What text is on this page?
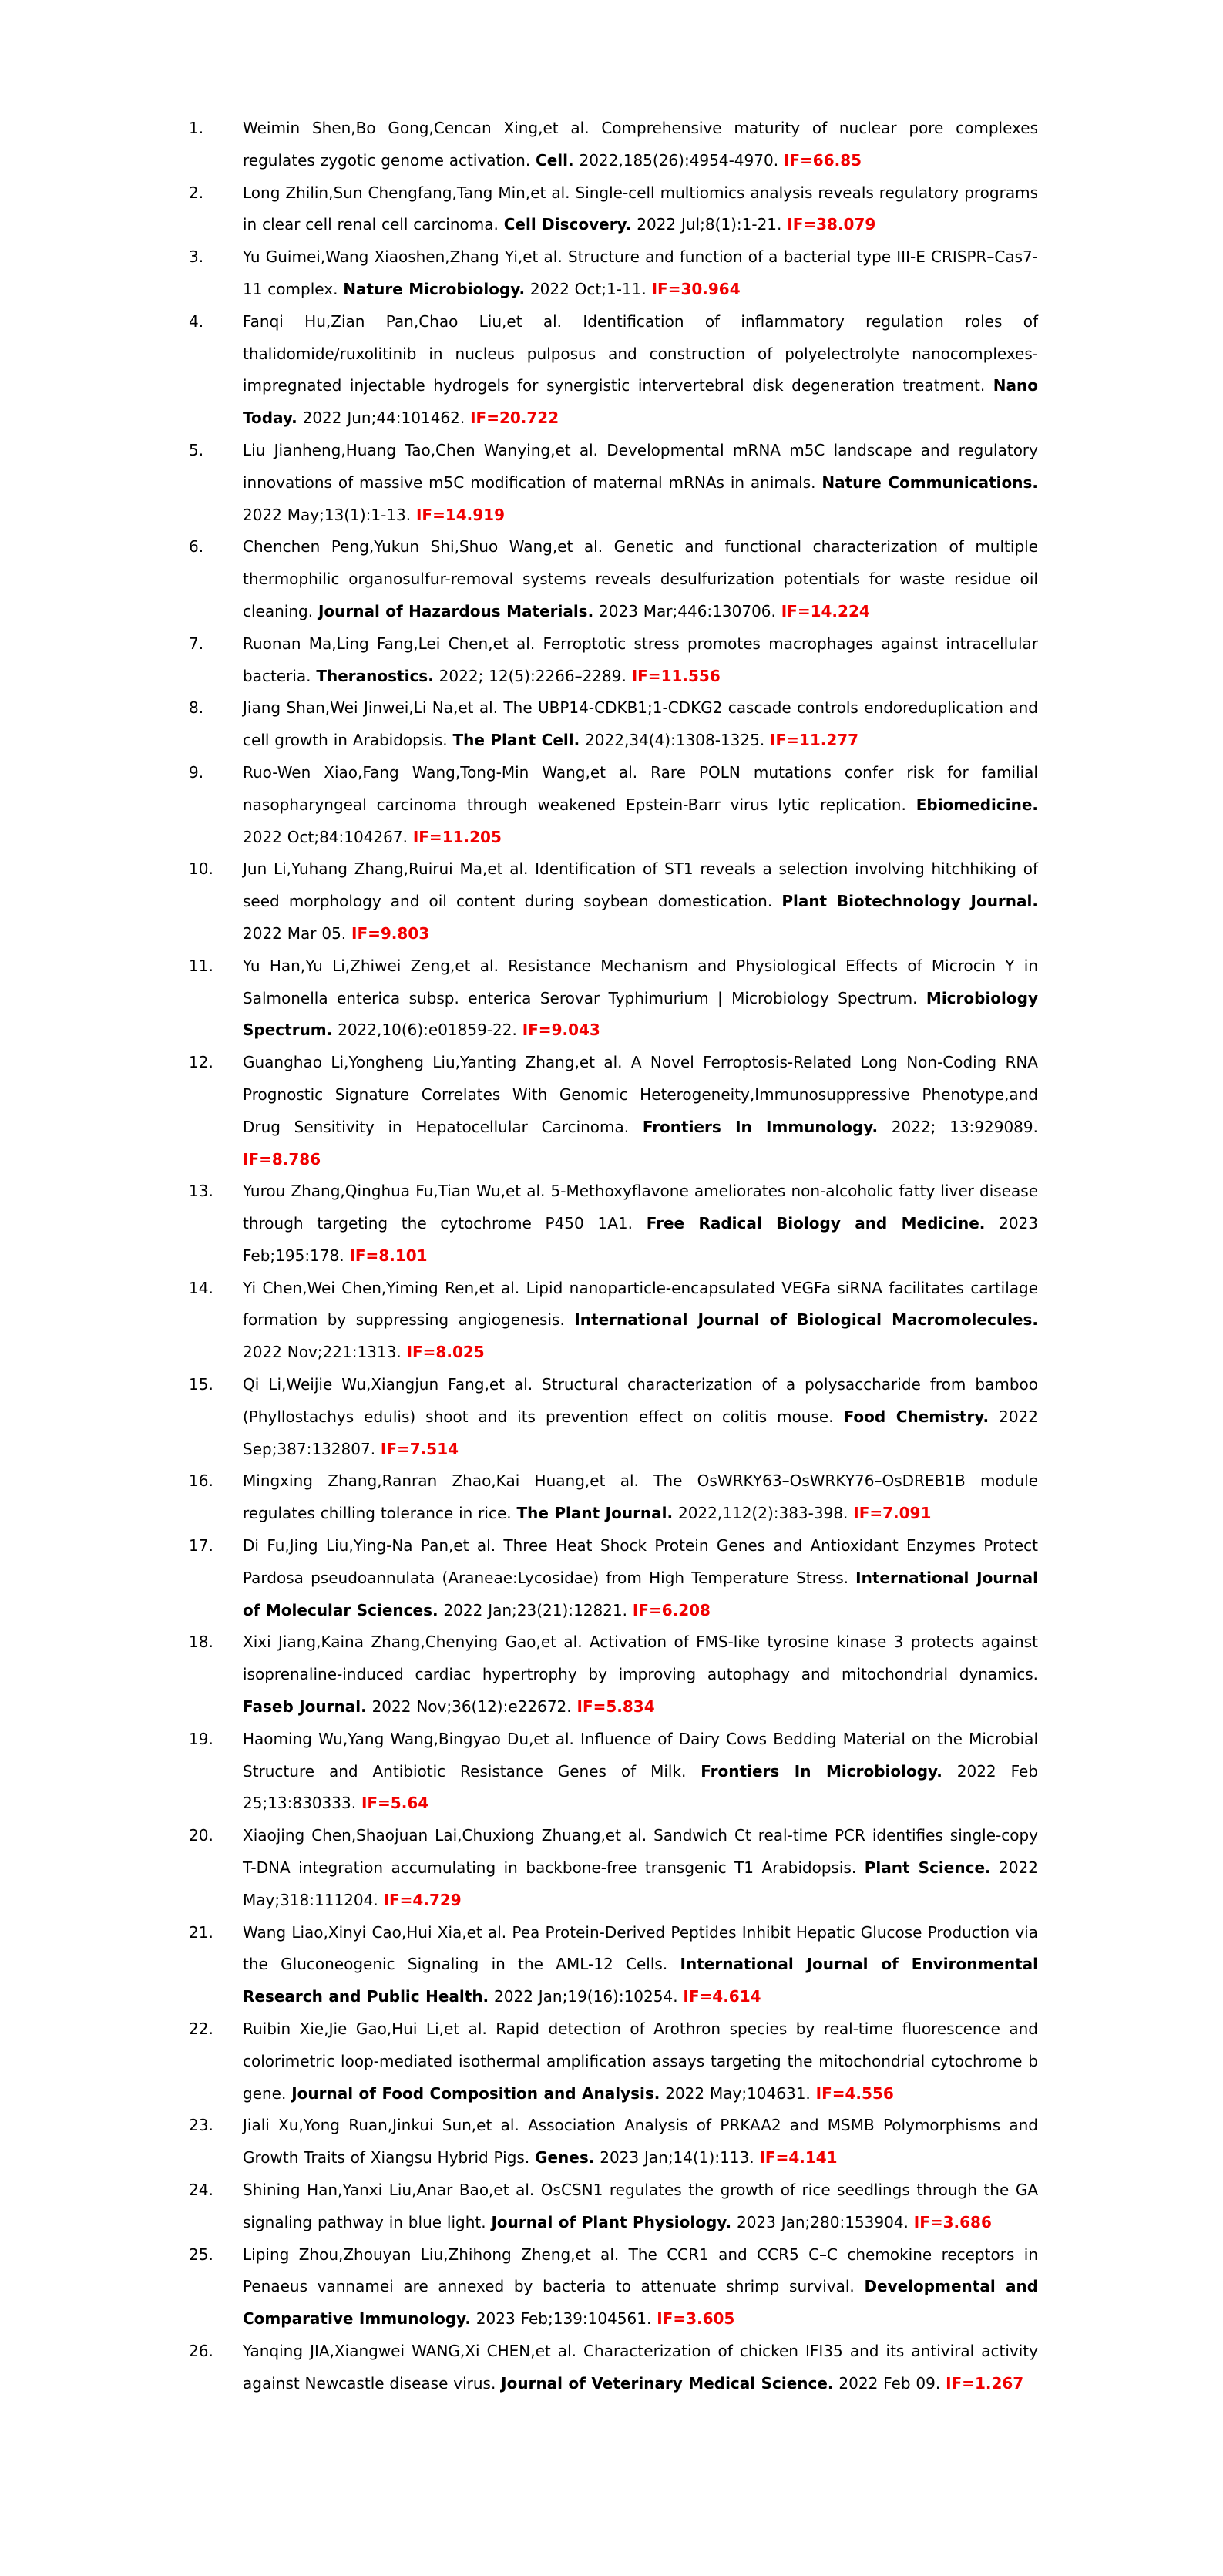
1.	Weimin Shen,Bo Gong,Cencan Xing,et al. Comprehensive maturity of nuclear pore complexes regulates zygotic genome activation. Cell. 2022,185(26):4954-4970. IF=66.85
2.	Long Zhilin,Sun Chengfang,Tang Min,et al. Single-cell multiomics analysis reveals regulatory programs in clear cell renal cell carcinoma. Cell Discovery. 2022 Jul;8(1):1-21. IF=38.079
3.	Yu Guimei,Wang Xiaoshen,Zhang Yi,et al. Structure and function of a bacterial type III-E CRISPR–Cas7-11 complex. Nature Microbiology. 2022 Oct;1-11. IF=30.964
4.	Fanqi Hu,Zian Pan,Chao Liu,et al. Identification of inflammatory regulation roles of thalidomide/ruxolitinib in nucleus pulposus and construction of polyelectrolyte nanocomplexes-impregnated injectable hydrogels for synergistic intervertebral disk degeneration treatment. Nano Today. 2022 Jun;44:101462. IF=20.722
5.	Liu Jianheng,Huang Tao,Chen Wanying,et al. Developmental mRNA m5C landscape and regulatory innovations of massive m5C modification of maternal mRNAs in animals. Nature Communications. 2022 May;13(1):1-13. IF=14.919
6.	Chenchen Peng,Yukun Shi,Shuo Wang,et al. Genetic and functional characterization of multiple thermophilic organosulfur-removal systems reveals desulfurization potentials for waste residue oil cleaning. Journal of Hazardous Materials. 2023 Mar;446:130706. IF=14.224
7.	Ruonan Ma,Ling Fang,Lei Chen,et al. Ferroptotic stress promotes macrophages against intracellular bacteria. Theranostics. 2022; 12(5):2266–2289. IF=11.556
8.	Jiang Shan,Wei Jinwei,Li Na,et al. The UBP14-CDKB1;1-CDKG2 cascade controls endoreduplication and cell growth in Arabidopsis. The Plant Cell. 2022,34(4):1308-1325. IF=11.277
9.	Ruo-Wen Xiao,Fang Wang,Tong-Min Wang,et al. Rare POLN mutations confer risk for familial nasopharyngeal carcinoma through weakened Epstein-Barr virus lytic replication. Ebiomedicine. 2022 Oct;84:104267. IF=11.205
10. Jun Li,Yuhang Zhang,Ruirui Ma,et al. Identification of ST1 reveals a selection involving hitchhiking of seed morphology and oil content during soybean domestication. Plant Biotechnology Journal. 2022 Mar 05. IF=9.803
11. Yu Han,Yu Li,Zhiwei Zeng,et al. Resistance Mechanism and Physiological Effects of Microcin Y in Salmonella enterica subsp. enterica Serovar Typhimurium | Microbiology Spectrum. Microbiology Spectrum. 2022,10(6):e01859-22. IF=9.043
12. Guanghao Li,Yongheng Liu,Yanting Zhang,et al. A Novel Ferroptosis-Related Long Non-Coding RNA Prognostic Signature Correlates With Genomic Heterogeneity,Immunosuppressive Phenotype,and Drug Sensitivity in Hepatocellular Carcinoma. Frontiers In Immunology. 2022; 13:929089. IF=8.786
13. Yurou Zhang,Qinghua Fu,Tian Wu,et al. 5-Methoxyflavone ameliorates non-alcoholic fatty liver disease through targeting the cytochrome P450 1A1. Free Radical Biology and Medicine. 2023 Feb;195:178. IF=8.101
14. Yi Chen,Wei Chen,Yiming Ren,et al. Lipid nanoparticle-encapsulated VEGFa siRNA facilitates cartilage formation by suppressing angiogenesis. International Journal of Biological Macromolecules. 2022 Nov;221:1313. IF=8.025
15. Qi Li,Weijie Wu,Xiangjun Fang,et al. Structural characterization of a polysaccharide from bamboo (Phyllostachys edulis) shoot and its prevention effect on colitis mouse. Food Chemistry. 2022 Sep;387:132807. IF=7.514
16. Mingxing Zhang,Ranran Zhao,Kai Huang,et al. The OsWRKY63–OsWRKY76–OsDREB1B module regulates chilling tolerance in rice. The Plant Journal. 2022,112(2):383-398. IF=7.091
17. Di Fu,Jing Liu,Ying-Na Pan,et al. Three Heat Shock Protein Genes and Antioxidant Enzymes Protect Pardosa pseudoannulata (Araneae:Lycosidae) from High Temperature Stress. International Journal of Molecular Sciences. 2022 Jan;23(21):12821. IF=6.208
18. Xixi Jiang,Kaina Zhang,Chenying Gao,et al. Activation of FMS-like tyrosine kinase 3 protects against isoprenaline-induced cardiac hypertrophy by improving autophagy and mitochondrial dynamics. Faseb Journal. 2022 Nov;36(12):e22672. IF=5.834
19. Haoming Wu,Yang Wang,Bingyao Du,et al. Influence of Dairy Cows Bedding Material on the Microbial Structure and Antibiotic Resistance Genes of Milk. Frontiers In Microbiology. 2022 Feb 25;13:830333. IF=5.64
20. Xiaojing Chen,Shaojuan Lai,Chuxiong Zhuang,et al. Sandwich Ct real-time PCR identifies single-copy T-DNA integration accumulating in backbone-free transgenic T1 Arabidopsis. Plant Science. 2022 May;318:111204. IF=4.729
21. Wang Liao,Xinyi Cao,Hui Xia,et al. Pea Protein-Derived Peptides Inhibit Hepatic Glucose Production via the Gluconeogenic Signaling in the AML-12 Cells. International Journal of Environmental Research and Public Health. 2022 Jan;19(16):10254. IF=4.614
22. Ruibin Xie,Jie Gao,Hui Li,et al. Rapid detection of Arothron species by real-time fluorescence and colorimetric loop-mediated isothermal amplification assays targeting the mitochondrial cytochrome b gene. Journal of Food Composition and Analysis. 2022 May;104631. IF=4.556
23. Jiali Xu,Yong Ruan,Jinkui Sun,et al. Association Analysis of PRKAA2 and MSMB Polymorphisms and Growth Traits of Xiangsu Hybrid Pigs. Genes. 2023 Jan;14(1):113. IF=4.141
24. Shining Han,Yanxi Liu,Anar Bao,et al. OsCSN1 regulates the growth of rice seedlings through the GA signaling pathway in blue light. Journal of Plant Physiology. 2023 Jan;280:153904. IF=3.686
25. Liping Zhou,Zhouyan Liu,Zhihong Zheng,et al. The CCR1 and CCR5 C–C chemokine receptors in Penaeus vannamei are annexed by bacteria to attenuate shrimp survival. Developmental and Comparative Immunology. 2023 Feb;139:104561. IF=3.605
26. Yanqing JIA,Xiangwei WANG,Xi CHEN,et al. Characterization of chicken IFI35 and its antiviral activity against Newcastle disease virus. Journal of Veterinary Medical Science. 2022 Feb 09. IF=1.267
